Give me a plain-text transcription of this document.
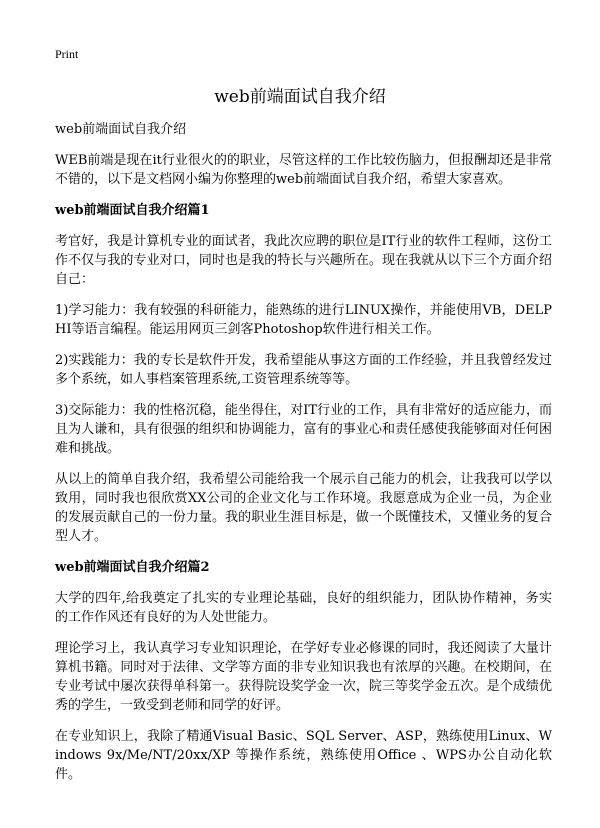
Print
web前端面试自我介绍
web前端面试自我介绍
WEB前端是现在it行业很火的的职业，尽管这样的工作比较伤脑力，但报酬却还是非常不错的，以下是文档网小编为你整理的web前端面试自我介绍，希望大家喜欢。
web前端面试自我介绍篇1
考官好，我是计算机专业的面试者，我此次应聘的职位是IT行业的软件工程师，这份工作不仅与我的专业对口，同时也是我的特长与兴趣所在。现在我就从以下三个方面介绍自己：
1)学习能力：我有较强的科研能力，能熟练的进行LINUX操作，并能使用VB，DELPHI等语言编程。能运用网页三剑客Photoshop软件进行相关工作。
2)实践能力：我的专长是软件开发，我希望能从事这方面的工作经验，并且我曾经发过多个系统，如人事档案管理系统,工资管理系统等等。
3)交际能力：我的性格沉稳，能坐得住，对IT行业的工作，具有非常好的适应能力，而且为人谦和，具有很强的组织和协调能力，富有的事业心和责任感使我能够面对任何困难和挑战。
从以上的简单自我介绍，我希望公司能给我一个展示自己能力的机会，让我我可以学以致用，同时我也很欣赏XX公司的企业文化与工作环境。我愿意成为企业一员，为企业的发展贡献自己的一份力量。我的职业生涯目标是，做一个既懂技术，又懂业务的复合型人才。
web前端面试自我介绍篇2
大学的四年,给我奠定了扎实的专业理论基础，良好的组织能力，团队协作精神，务实的工作作风还有良好的为人处世能力。
理论学习上，我认真学习专业知识理论，在学好专业必修课的同时，我还阅读了大量计算机书籍。同时对于法律、文学等方面的非专业知识我也有浓厚的兴趣。在校期间，在专业考试中屡次获得单科第一。获得院设奖学金一次，院三等奖学金五次。是个成绩优秀的学生，一致受到老师和同学的好评。
在专业知识上，我除了精通Visual Basic、SQL Server、ASP，熟练使用Linux、Windows 9x/Me/NT/20xx/XP 等操作系统，熟练使用Office 、WPS办公自动化软件。
